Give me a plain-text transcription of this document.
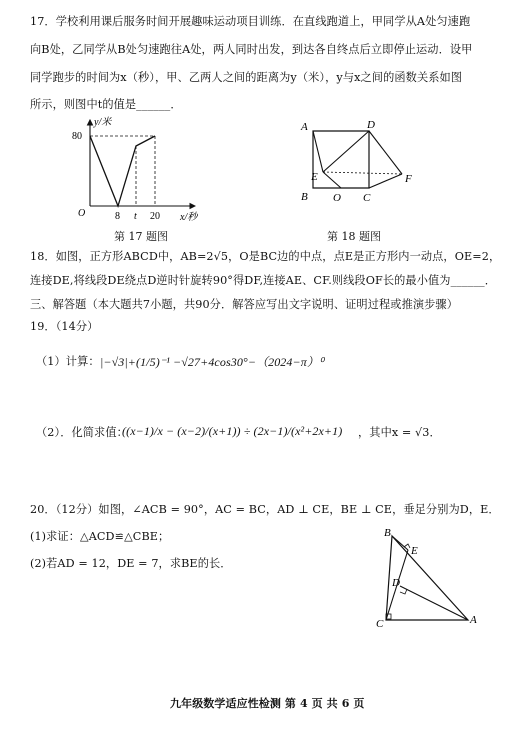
17．学校利用课后服务时间开展趣味运动项目训练．在直线跑道上，甲同学从A处匀速跑
向B处，乙同学从B处匀速跑往A处，两人同时出发，到达各自终点后立即停止运动．设甲
同学跑步的时间为x（秒），甲、乙两人之间的距离为y（米），y与x之间的函数关系如图
所示，则图中t的值是______．
y/米
x/秒
O
80
8 t 20
第 17 题图
A	D
E	F
B O C
第 18 题图
18．如图，正方形ABCD中，AB=2√5，O是BC边的中点，点E是正方形内一动点，OE=2，
连接DE,将线段DE绕点D逆时针旋转90°得DF,连接AE、CF.则线段OF长的最小值为______．
三、解答题（本大题共7小题，共90分．解答应写出文字说明、证明过程或推演步骤）
19．（14分）
（1）计算： |−√3|+(1/5)⁻¹ −√27+4cos30°−（2024−π）⁰
（2）．化简求值：
((x−1)/x − (x−2)/(x+1)) ÷ (2x−1)/(x²+2x+1) ，其中x = √3．
20．（12分）如图，∠ACB = 90°，AC = BC，AD ⊥ CE，BE ⊥ CE，垂足分别为D，E．
(1)求证：△ACD≌△CBE；
(2)若AD = 12，DE = 7，求BE的长．
B
E
D
C	A
九年级数学适应性检测 第 4 页 共 6 页
